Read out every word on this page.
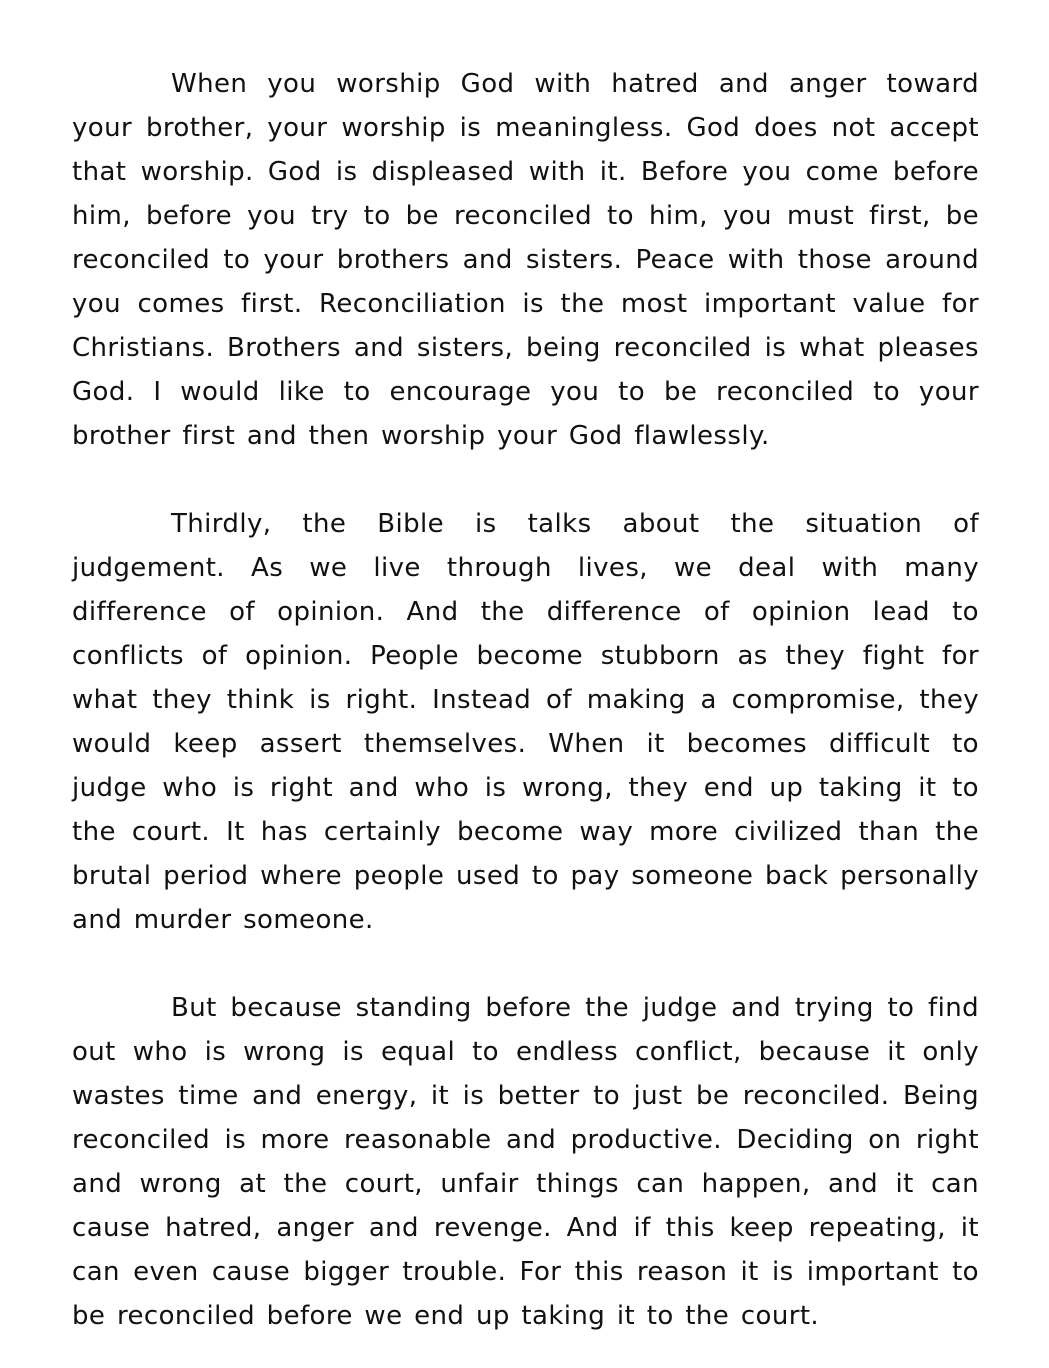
When you worship God with hatred and anger toward your brother, your worship is meaningless. God does not accept that worship. God is displeased with it. Before you come before him, before you try to be reconciled to him, you must first, be reconciled to your brothers and sisters. Peace with those around you comes first. Reconciliation is the most important value for Christians. Brothers and sisters, being reconciled is what pleases God. I would like to encourage you to be reconciled to your brother first and then worship your God flawlessly.

Thirdly, the Bible is talks about the situation of judgement. As we live through lives, we deal with many difference of opinion. And the difference of opinion lead to conflicts of opinion. People become stubborn as they fight for what they think is right. Instead of making a compromise, they would keep assert themselves. When it becomes difficult to judge who is right and who is wrong, they end up taking it to the court. It has certainly become way more civilized than the brutal period where people used to pay someone back personally and murder someone.

But because standing before the judge and trying to find out who is wrong is equal to endless conflict, because it only wastes time and energy, it is better to just be reconciled. Being reconciled is more reasonable and productive. Deciding on right and wrong at the court, unfair things can happen, and it can cause hatred, anger and revenge. And if this keep repeating, it can even cause bigger trouble. For this reason it is important to be reconciled before we end up taking it to the court.
